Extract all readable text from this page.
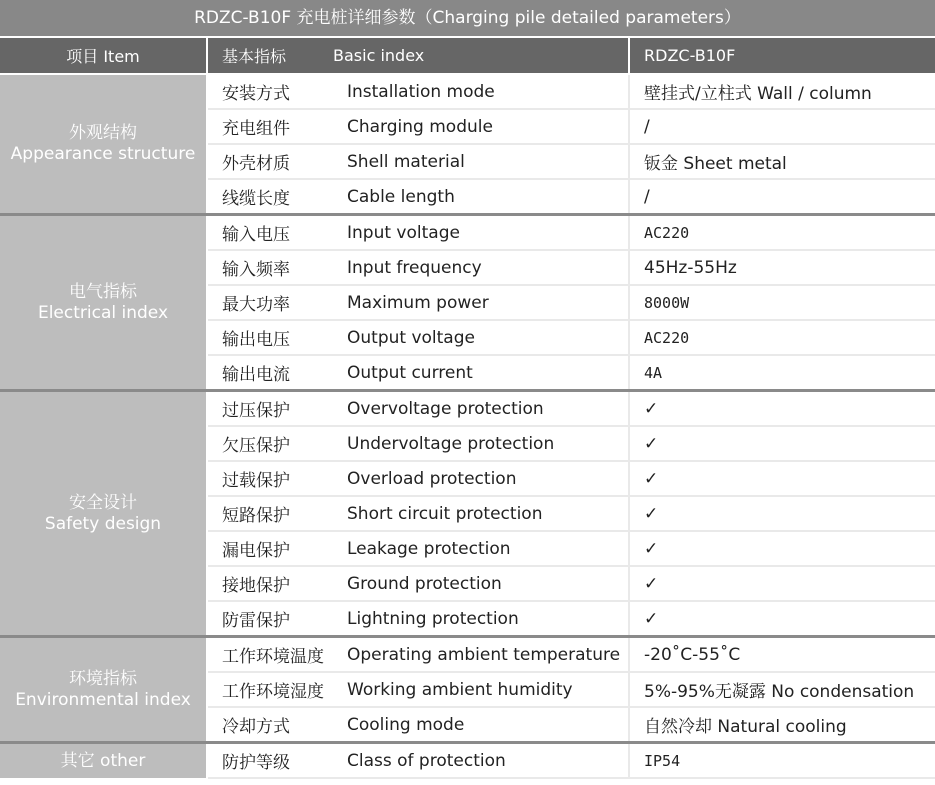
RDZC-B10F 充电桩详细参数（Charging pile detailed parameters）
项目 Item	基本指标	Basic index	RDZC-B10F

外观结构
Appearance structure	安装方式	Installation mode	壁挂式/立柱式 Wall / column
	充电组件	Charging module	/
	外壳材质	Shell material	钣金 Sheet metal
	线缆长度	Cable length	/

电气指标
Electrical index	输入电压	Input voltage	AC220
	输入频率	Input frequency	45Hz-55Hz
	最大功率	Maximum power	8000W
	输出电压	Output voltage	AC220
	输出电流	Output current	4A

安全设计
Safety design	过压保护	Overvoltage protection	✓
	欠压保护	Undervoltage protection	✓
	过载保护	Overload protection	✓
	短路保护	Short circuit protection	✓
	漏电保护	Leakage protection	✓
	接地保护	Ground protection	✓
	防雷保护	Lightning protection	✓

环境指标
Environmental index	工作环境温度	Operating ambient temperature	-20˚C-55˚C
	工作环境湿度	Working ambient humidity	5%-95%无凝露 No condensation
	冷却方式	Cooling mode	自然冷却 Natural cooling

其它 other	防护等级	Class of protection	IP54
